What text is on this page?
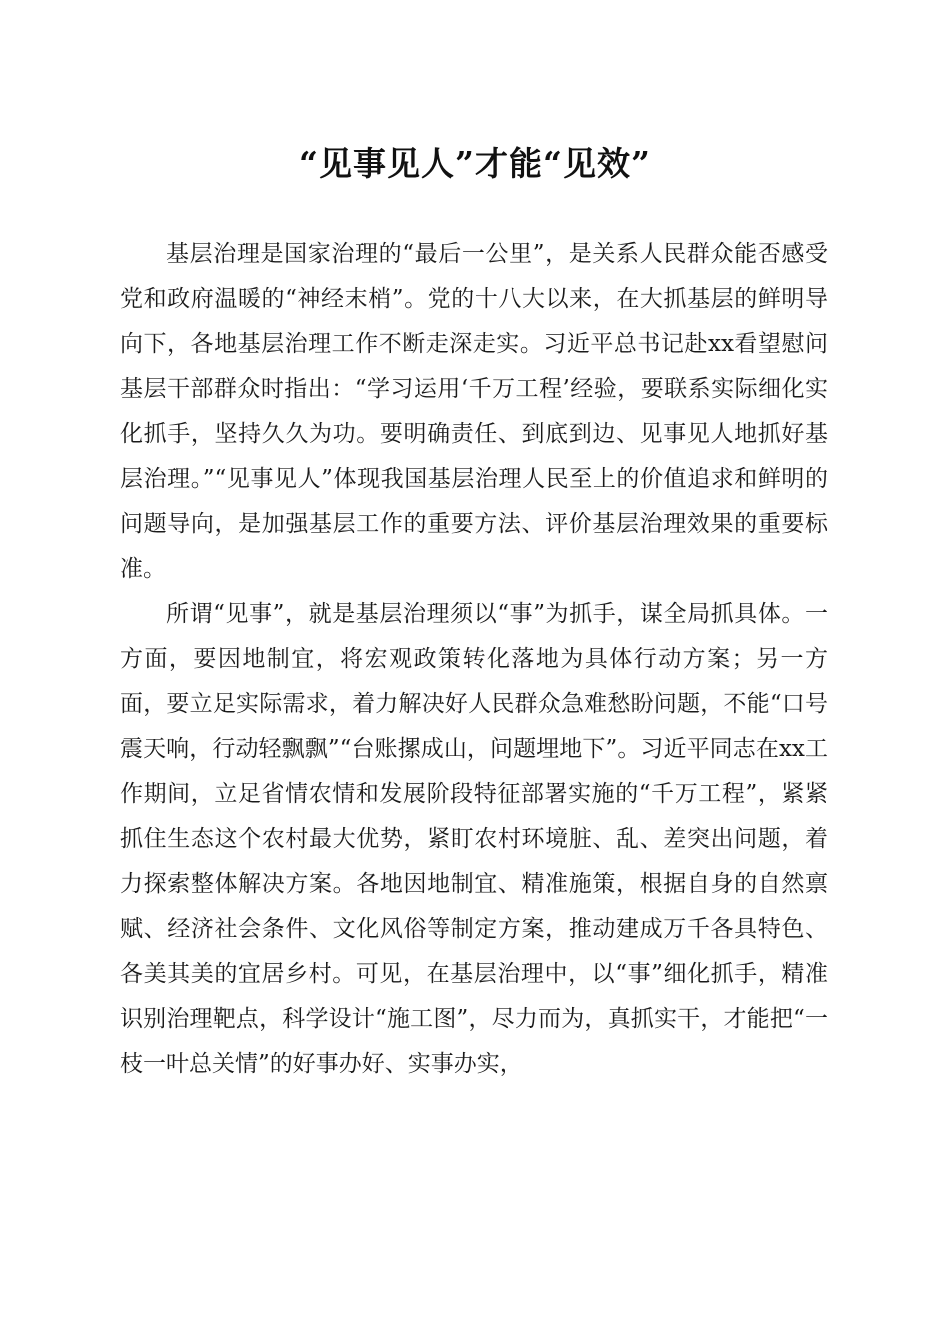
“见事见人”才能“见效”

基层治理是国家治理的“最后一公里”，是关系人民群众能否感受党和政府温暖的“神经末梢”。党的十八大以来，在大抓基层的鲜明导向下，各地基层治理工作不断走深走实。习近平总书记赴xx看望慰问基层干部群众时指出：“学习运用‘千万工程’经验，要联系实际细化实化抓手，坚持久久为功。要明确责任、到底到边、见事见人地抓好基层治理。”“见事见人”体现我国基层治理人民至上的价值追求和鲜明的问题导向，是加强基层工作的重要方法、评价基层治理效果的重要标准。

所谓“见事”，就是基层治理须以“事”为抓手，谋全局抓具体。一方面，要因地制宜，将宏观政策转化落地为具体行动方案；另一方面，要立足实际需求，着力解决好人民群众急难愁盼问题，不能“口号震天响，行动轻飘飘”“台账摞成山，问题埋地下”。习近平同志在xx工作期间，立足省情农情和发展阶段特征部署实施的“千万工程”，紧紧抓住生态这个农村最大优势，紧盯农村环境脏、乱、差突出问题，着力探索整体解决方案。各地因地制宜、精准施策，根据自身的自然禀赋、经济社会条件、文化风俗等制定方案，推动建成万千各具特色、各美其美的宜居乡村。可见，在基层治理中，以“事”细化抓手，精准识别治理靶点，科学设计“施工图”，尽力而为，真抓实干，才能把“一枝一叶总关情”的好事办好、实事办实，
